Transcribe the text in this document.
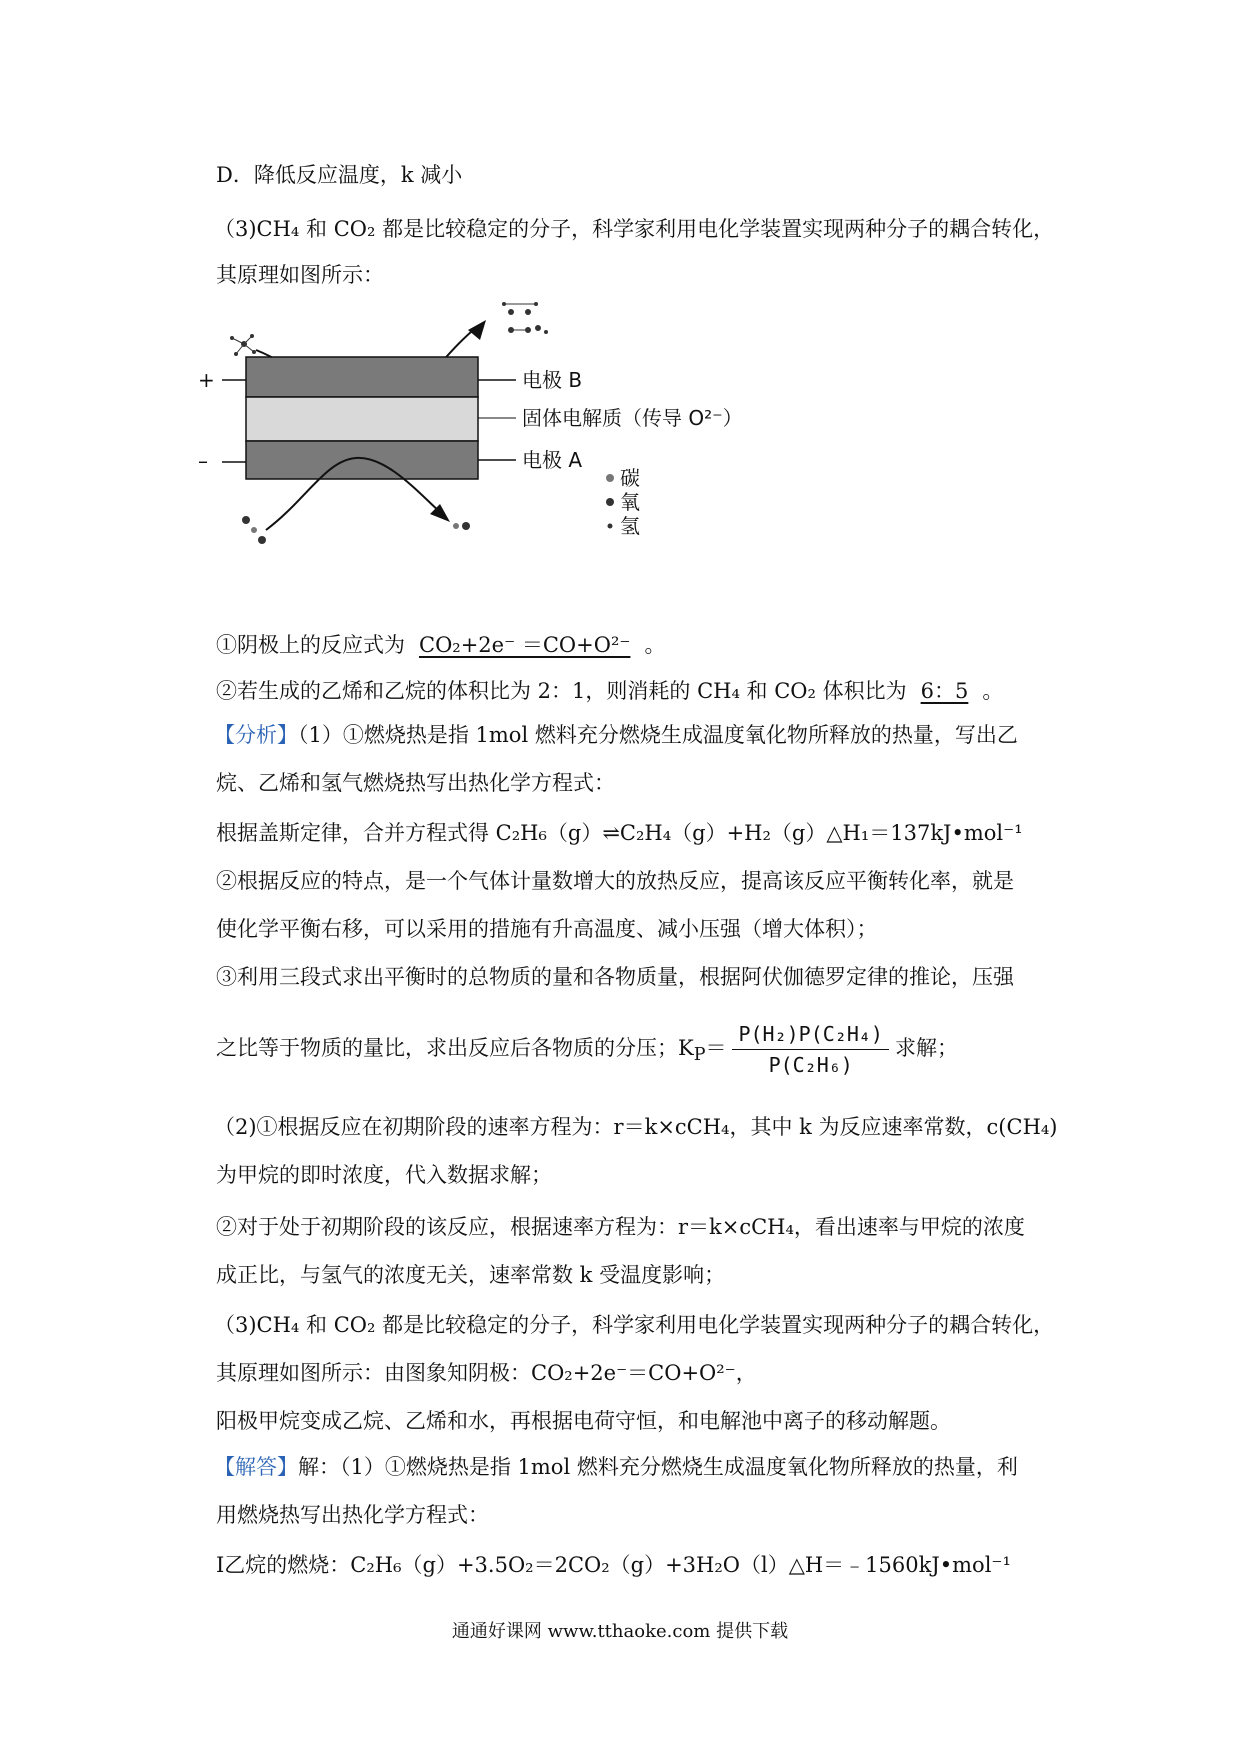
D．降低反应温度，k 减小
（3)CH₄ 和 CO₂ 都是比较稳定的分子，科学家利用电化学装置实现两种分子的耦合转化，
其原理如图所示：
+
–
电极 B
固体电解质（传导 O²⁻）
电极 A
碳
氧
氢
①阴极上的反应式为 CO₂+2e⁻ ＝CO+O²⁻ 。
②若生成的乙烯和乙烷的体积比为 2：1，则消耗的 CH₄ 和 CO₂ 体积比为 6：5 。
【分析】（1）①燃烧热是指 1mol 燃料充分燃烧生成温度氧化物所释放的热量，写出乙
烷、乙烯和氢气燃烧热写出热化学方程式：
根据盖斯定律，合并方程式得 C₂H₆（g）⇌C₂H₄（g）+H₂（g）△H₁＝137kJ•mol⁻¹
②根据反应的特点，是一个气体计量数增大的放热反应，提高该反应平衡转化率，就是
使化学平衡右移，可以采用的措施有升高温度、减小压强（增大体积）；
③利用三段式求出平衡时的总物质的量和各物质量，根据阿伏伽德罗定律的推论，压强
之比等于物质的量比，求出反应后各物质的分压；$K_P= \frac{\text{P(H₂)P(C₂H₄)}}{\text{P(C₂H₆)}}$ 求解；
（2)①根据反应在初期阶段的速率方程为：r＝k×cCH₄，其中 k 为反应速率常数，c(CH₄)
为甲烷的即时浓度，代入数据求解；
②对于处于初期阶段的该反应，根据速率方程为：r＝k×cCH₄，看出速率与甲烷的浓度
成正比，与氢气的浓度无关，速率常数 k 受温度影响；
（3)CH₄ 和 CO₂ 都是比较稳定的分子，科学家利用电化学装置实现两种分子的耦合转化，
其原理如图所示：由图象知阴极：CO₂+2e⁻＝CO+O²⁻，
阳极甲烷变成乙烷、乙烯和水，再根据电荷守恒，和电解池中离子的移动解题。
【解答】解：（1）①燃烧热是指 1mol 燃料充分燃烧生成温度氧化物所释放的热量，利
用燃烧热写出热化学方程式：
Ⅰ乙烷的燃烧：C₂H₆（g）+3.5O₂＝2CO₂（g）+3H₂O（l）△H＝﹣1560kJ•mol⁻¹
通通好课网 www.tthaoke.com 提供下载
